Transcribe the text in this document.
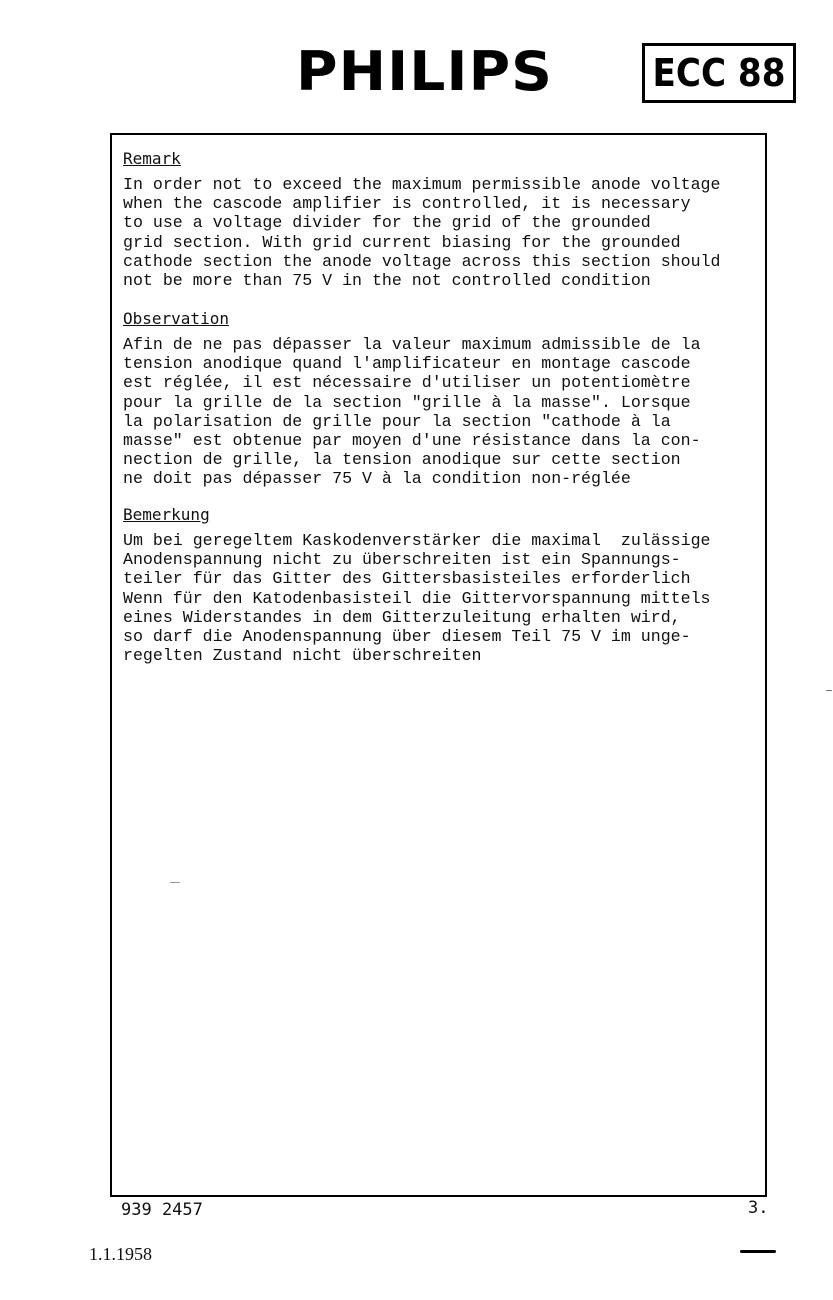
PHILIPS	ECC 88
Remark
In order not to exceed the maximum permissible anode voltage
when the cascode amplifier is controlled, it is necessary
to use a voltage divider for the grid of the grounded
grid section. With grid current biasing for the grounded
cathode section the anode voltage across this section should
not be more than 75 V in the not controlled condition
Observation
Afin de ne pas dépasser la valeur maximum admissible de la
tension anodique quand l'amplificateur en montage cascode
est réglée, il est nécessaire d'utiliser un potentiomètre
pour la grille de la section "grille à la masse". Lorsque
la polarisation de grille pour la section "cathode à la
masse" est obtenue par moyen d'une résistance dans la con-
nection de grille, la tension anodique sur cette section
ne doit pas dépasser 75 V à la condition non-réglée
Bemerkung
Um bei geregeltem Kaskodenverstärker die maximal  zulässige
Anodenspannung nicht zu überschreiten ist ein Spannungs-
teiler für das Gitter des Gittersbasisteiles erforderlich
Wenn für den Katodenbasisteil die Gittervorspannung mittels
eines Widerstandes in dem Gitterzuleitung erhalten wird,
so darf die Anodenspannung über diesem Teil 75 V im unge-
regelten Zustand nicht überschreiten
939 2457	3.
1.1.1958
